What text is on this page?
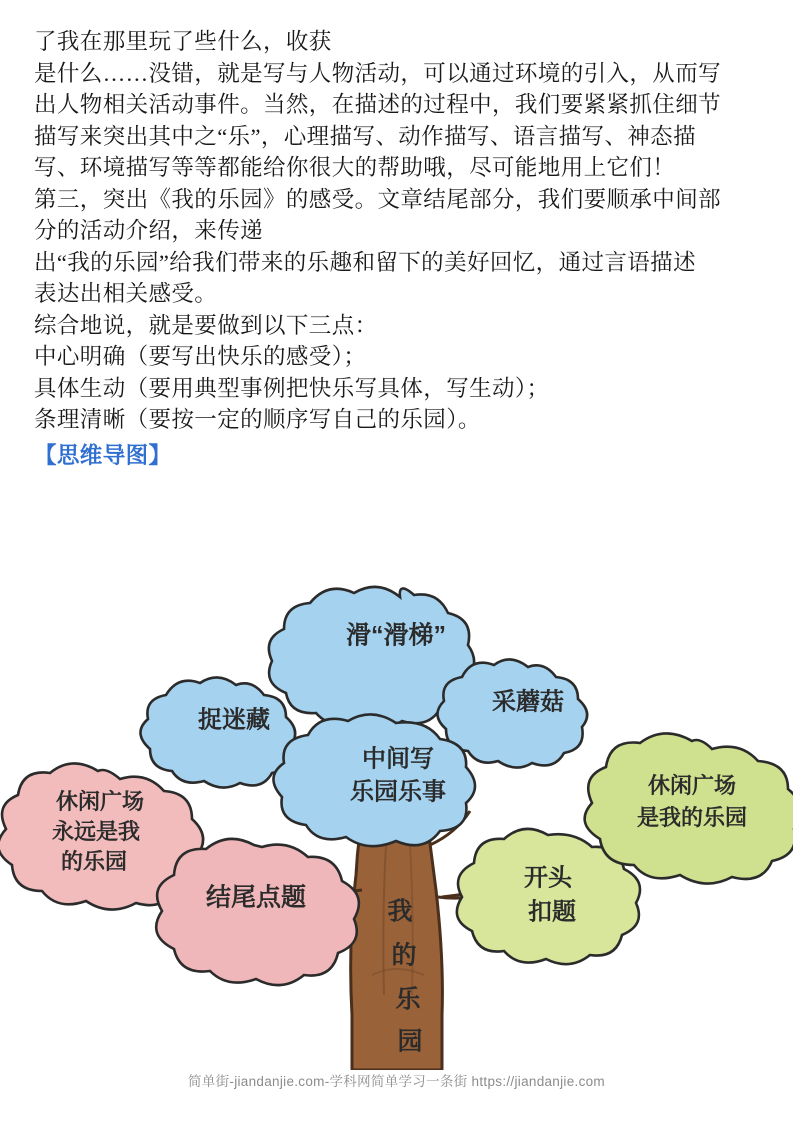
了我在那里玩了些什么，收获
是什么……没错，就是写与人物活动，可以通过环境的引入，从而写
出人物相关活动事件。当然，在描述的过程中，我们要紧紧抓住细节
描写来突出其中之“乐”，心理描写、动作描写、语言描写、神态描
写、环境描写等等都能给你很大的帮助哦，尽可能地用上它们！
第三，突出《我的乐园》的感受。文章结尾部分，我们要顺承中间部
分的活动介绍，来传递
出“我的乐园”给我们带来的乐趣和留下的美好回忆，通过言语描述
表达出相关感受。
综合地说，就是要做到以下三点：
中心明确（要写出快乐的感受）；
具体生动（要用典型事例把快乐写具体，写生动）；
条理清晰（要按一定的顺序写自己的乐园）。
【思维导图】
滑“滑梯”
捉迷藏
采蘑菇
中间写
乐园乐事
休闲广场
永远是我
的乐园
结尾点题
开头
扣题
休闲广场
是我的乐园
我
的
乐
园
简单街-jiandanjie.com-学科网简单学习一条街 https://jiandanjie.com
